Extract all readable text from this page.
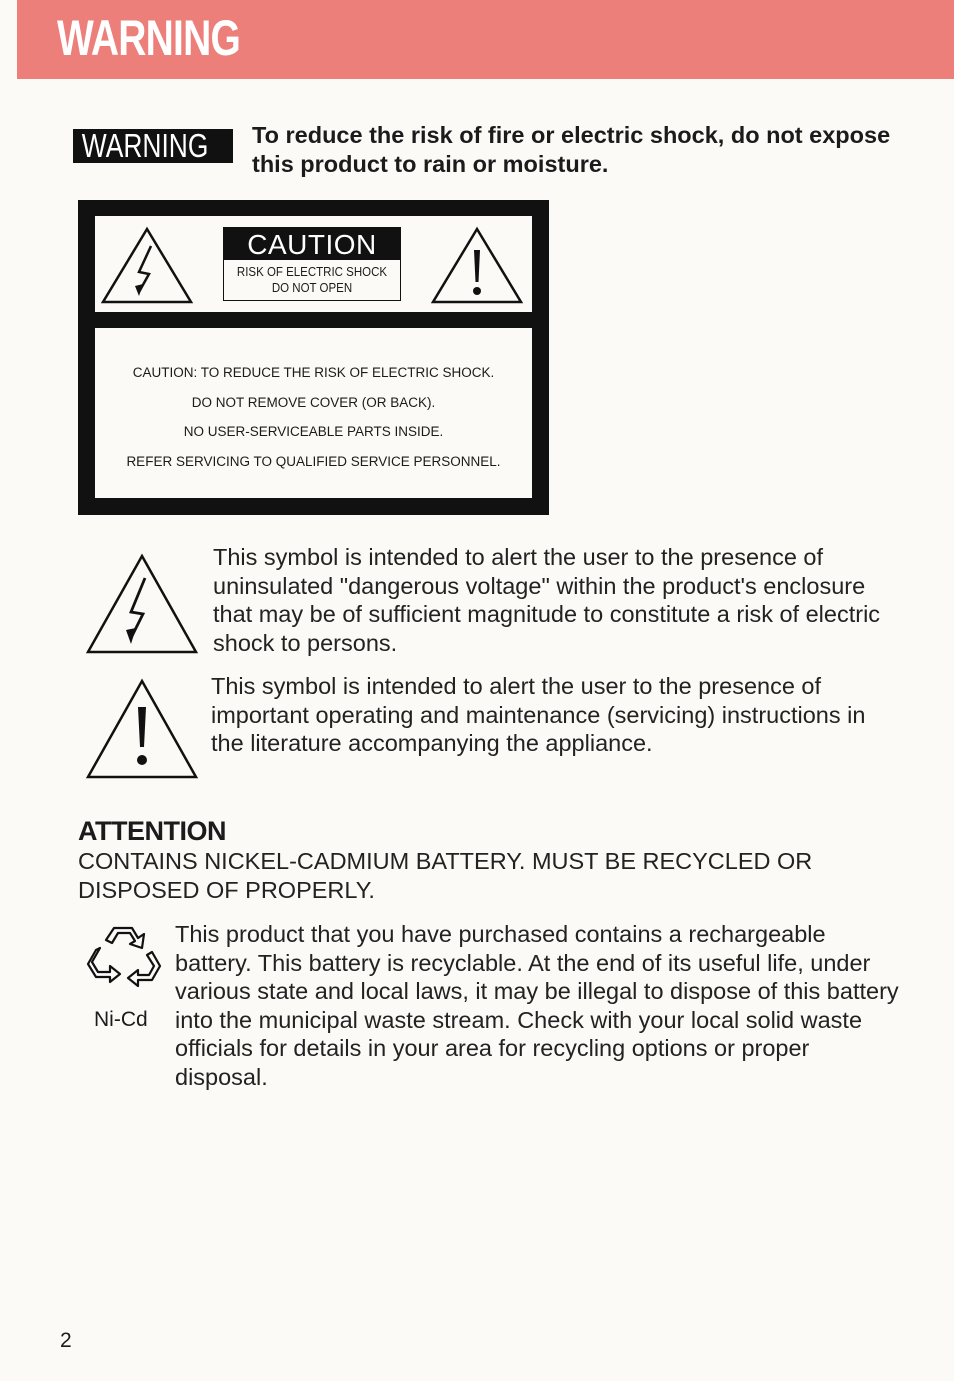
WARNING
WARNING To reduce the risk of fire or electric shock, do not expose this product to rain or moisture.
CAUTION
RISK OF ELECTRIC SHOCK
DO NOT OPEN
CAUTION: TO REDUCE THE RISK OF ELECTRIC SHOCK.
DO NOT REMOVE COVER (OR BACK).
NO USER-SERVICEABLE PARTS INSIDE.
REFER SERVICING TO QUALIFIED SERVICE PERSONNEL.
This symbol is intended to alert the user to the presence of uninsulated "dangerous voltage" within the product's enclosure that may be of sufficient magnitude to constitute a risk of electric shock to persons.
This symbol is intended to alert the user to the presence of important operating and maintenance (servicing) instructions in the literature accompanying the appliance.
ATTENTION
CONTAINS NICKEL-CADMIUM BATTERY. MUST BE RECYCLED OR DISPOSED OF PROPERLY.
Ni-Cd
This product that you have purchased contains a rechargeable battery. This battery is recyclable. At the end of its useful life, under various state and local laws, it may be illegal to dispose of this battery into the municipal waste stream. Check with your local solid waste officials for details in your area for recycling options or proper disposal.
2
